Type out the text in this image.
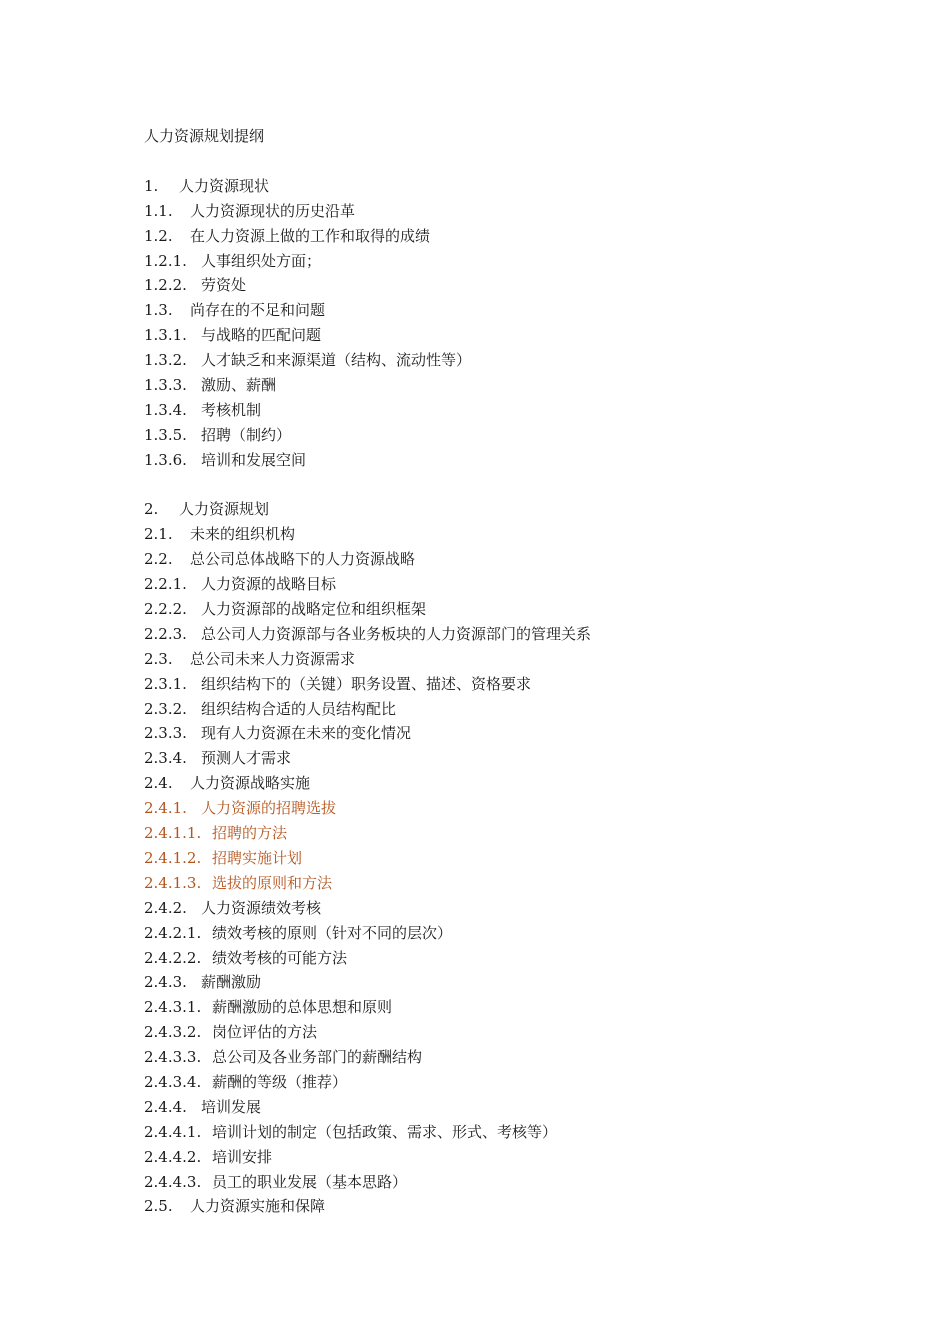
人力资源规划提纲
1.	人力资源现状
1.1.	人力资源现状的历史沿革
1.2.	在人力资源上做的工作和取得的成绩
1.2.1. 人事组织处方面；
1.2.2. 劳资处
1.3.	尚存在的不足和问题
1.3.1. 与战略的匹配问题
1.3.2. 人才缺乏和来源渠道（结构、流动性等）
1.3.3. 激励、薪酬
1.3.4. 考核机制
1.3.5. 招聘（制约）
1.3.6. 培训和发展空间
2.	人力资源规划
2.1.	未来的组织机构
2.2.	总公司总体战略下的人力资源战略
2.2.1. 人力资源的战略目标
2.2.2. 人力资源部的战略定位和组织框架
2.2.3. 总公司人力资源部与各业务板块的人力资源部门的管理关系
2.3.	总公司未来人力资源需求
2.3.1. 组织结构下的（关键）职务设置、描述、资格要求
2.3.2. 组织结构合适的人员结构配比
2.3.3. 现有人力资源在未来的变化情况
2.3.4. 预测人才需求
2.4.	人力资源战略实施
2.4.1. 人力资源的招聘选拔
2.4.1.1. 招聘的方法
2.4.1.2. 招聘实施计划
2.4.1.3. 选拔的原则和方法
2.4.2. 人力资源绩效考核
2.4.2.1. 绩效考核的原则（针对不同的层次）
2.4.2.2. 绩效考核的可能方法
2.4.3. 薪酬激励
2.4.3.1. 薪酬激励的总体思想和原则
2.4.3.2. 岗位评估的方法
2.4.3.3. 总公司及各业务部门的薪酬结构
2.4.3.4. 薪酬的等级（推荐）
2.4.4. 培训发展
2.4.4.1. 培训计划的制定（包括政策、需求、形式、考核等）
2.4.4.2. 培训安排
2.4.4.3. 员工的职业发展（基本思路）
2.5.	人力资源实施和保障
